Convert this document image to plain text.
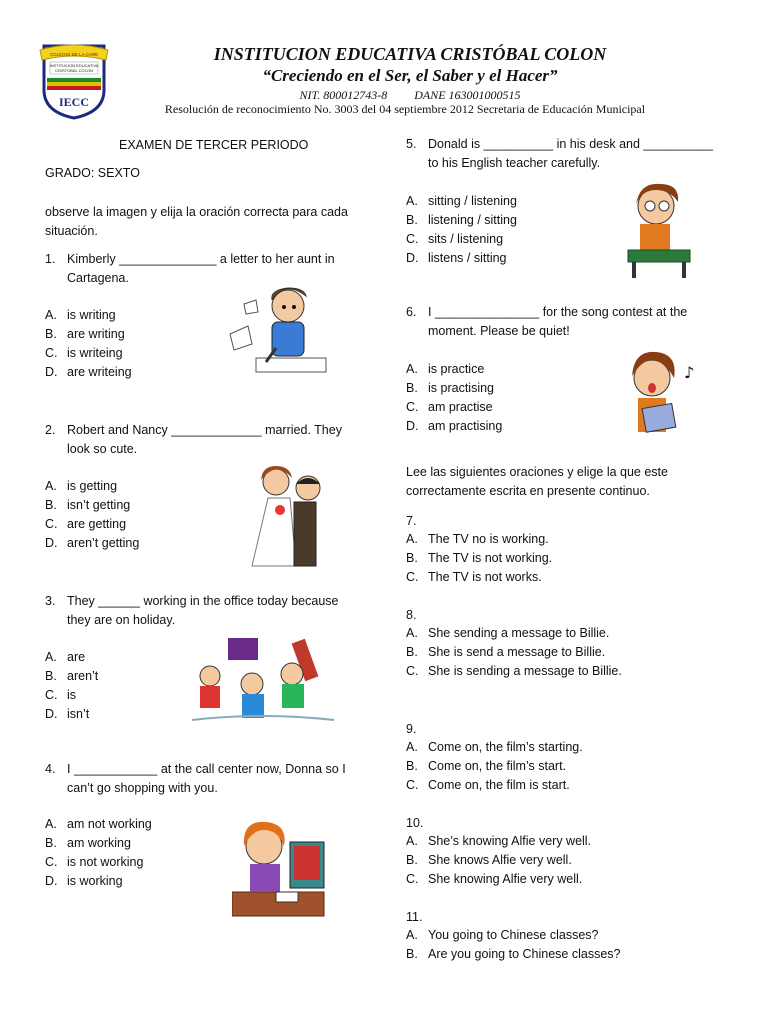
COLEGIO DE LA CARE
INSTITUCION EDUCATIVA
CRISTOBAL COLON
IECC
INSTITUCION EDUCATIVA CRISTÓBAL COLON
“Creciendo en el Ser, el Saber y el Hacer”
NIT. 800012743-8 DANE 163001000515
Resolución de reconocimiento No. 3003 del 04 septiembre 2012 Secretaria de Educación Municipal
EXAMEN DE TERCER PERIODO
GRADO: SEXTO
observe la imagen y elija la oración correcta para cada situación.
1. Kimberly ______________ a letter to her aunt in Cartagena.
A. is writing
B. are writing
C. is writeing
D. are writeing
2. Robert and Nancy _____________ married. They look so cute.
A. is getting
B. isn’t getting
C. are getting
D. aren’t getting
3. They ______ working in the office today because they are on holiday.
A. are
B. aren’t
C. is
D. isn’t
4. I ____________ at the call center now, Donna so I can’t go shopping with you.
A. am not working
B. am working
C. is not working
D. is working
5. Donald is __________ in his desk and __________ to his English teacher carefully.
A. sitting / listening
B. listening / sitting
C. sits / listening
D. listens / sitting
6. I _______________ for the song contest at the moment. Please be quiet!
A. is practice
B. is practising
C. am practise
D. am practising
♪
Lee las siguientes oraciones y elige la que este correctamente escrita en presente continuo.
7.
A. The TV no is working.
B. The TV is not working.
C. The TV is not works.
8.
A. She sending a message to Billie.
B. She is send a message to Billie.
C. She is sending a message to Billie.
9.
A. Come on, the film’s starting.
B. Come on, the film’s start.
C. Come on, the film is start.
10.
A. She’s knowing Alfie very well.
B. She knows Alfie very well.
C. She knowing Alfie very well.
11.
A. You going to Chinese classes?
B. Are you going to Chinese classes?
